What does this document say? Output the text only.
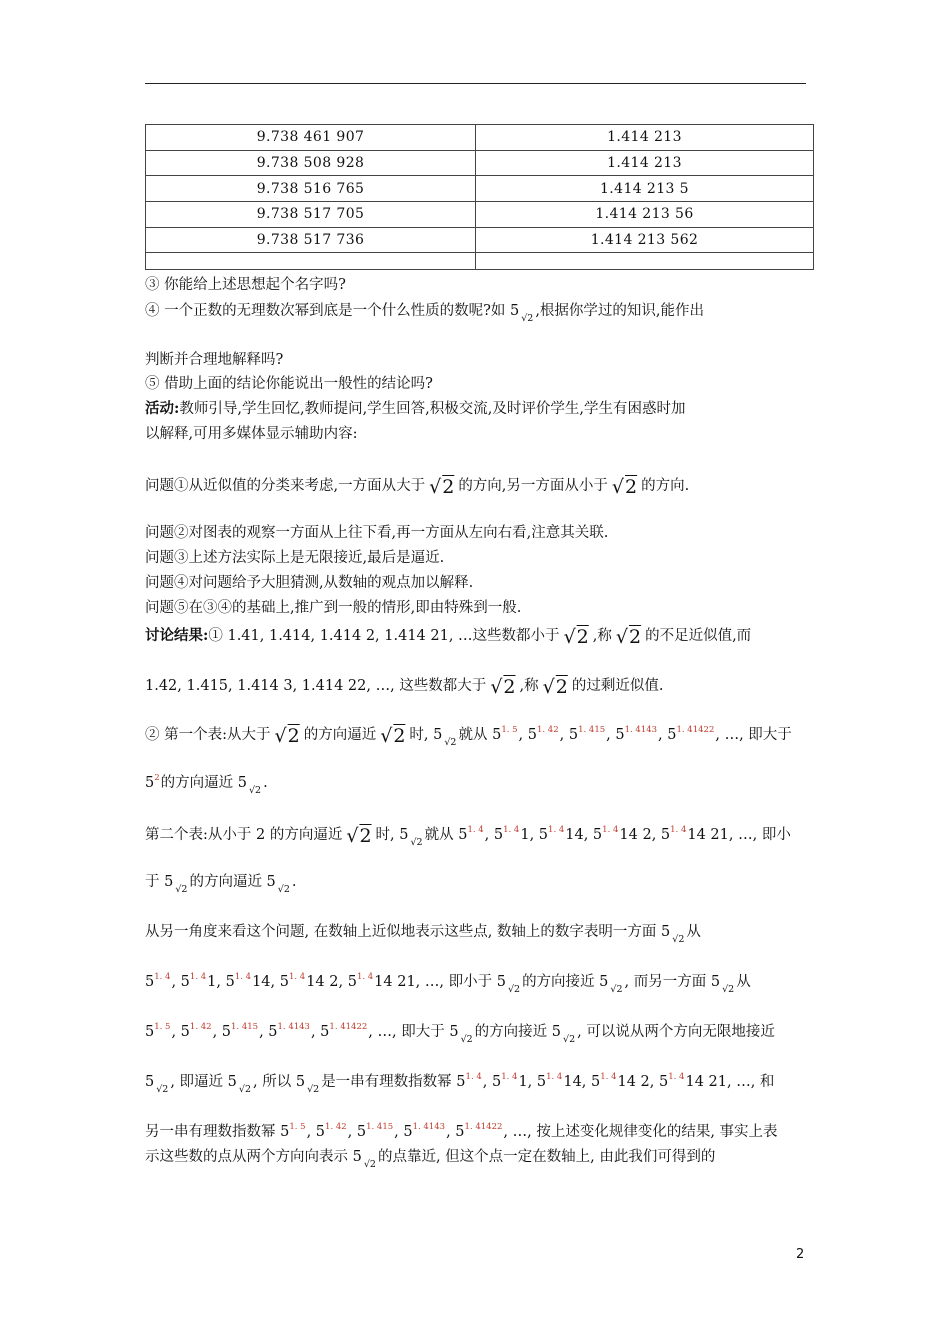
9.738 461 907	1.414 213
9.738 508 928	1.414 213
9.738 516 765	1.414 213 5
9.738 517 705	1.414 213 56
9.738 517 736	1.414 213 562

③ 你能给上述思想起个名字吗?
④ 一个正数的无理数次幂到底是一个什么性质的数呢?如 5 $_{√2}$ ,根据你学过的知识,能作出
判断并合理地解释吗?
⑤ 借助上面的结论你能说出一般性的结论吗?
活动:教师引导,学生回忆,教师提问,学生回答,积极交流,及时评价学生,学生有困惑时加
以解释,可用多媒体显示辅助内容:
问题①从近似值的分类来考虑,一方面从大于 √2 的方向,另一方面从小于 √2 的方向.
问题②对图表的观察一方面从上往下看,再一方面从左向右看,注意其关联.
问题③上述方法实际上是无限接近,最后是逼近.
问题④对问题给予大胆猜测,从数轴的观点加以解释.
问题⑤在③④的基础上,推广到一般的情形,即由特殊到一般.
讨论结果:① 1.41, 1.414, 1.414 2, 1.414 21, …这些数都小于 √2 ,称 √2 的不足近似值,而
1.42, 1.415, 1.414 3, 1.414 22, …, 这些数都大于 √2 ,称 √2 的过剩近似值.
② 第一个表:从大于 √2 的方向逼近 √2 时, 5 $_{√2}$ 就从 $5^{1. 5}$, $5^{1. 42}$, $5^{1. 415}$, $5^{1. 4143}$, $5^{1. 41422}$, …, 即大于
$5^2$的方向逼近 5 $_{√2}$ .
第二个表:从小于 2 的方向逼近 √2 时, 5 $_{√2}$ 就从 $5^{1. 4}$, $5^{1. 4}1$, $5^{1. 4}14$, $5^{1. 4}14$ 2, $5^{1. 4}14$ 21, …, 即小
于 5 $_{√2}$ 的方向逼近 5 $_{√2}$ .
从另一角度来看这个问题, 在数轴上近似地表示这些点, 数轴上的数字表明一方面 5 $_{√2}$ 从
$5^{1. 4}$, $5^{1. 4}1$, $5^{1. 4}14$, $5^{1. 4}14$ 2, $5^{1. 4}14$ 21, …, 即小于 5 $_{√2}$ 的方向接近 5 $_{√2}$ , 而另一方面 5 $_{√2}$ 从
$5^{1. 5}$, $5^{1. 42}$, $5^{1. 415}$, $5^{1. 4143}$, $5^{1. 41422}$, …, 即大于 5 $_{√2}$ 的方向接近 5 $_{√2}$ , 可以说从两个方向无限地接近
5 $_{√2}$ , 即逼近 5 $_{√2}$ , 所以 5 $_{√2}$ 是一串有理数指数幂 $5^{1. 4}$, $5^{1. 4}1$, $5^{1. 4}14$, $5^{1. 4}14$ 2, $5^{1. 4}14$ 21, …, 和
另一串有理数指数幂 $5^{1. 5}$, $5^{1. 42}$, $5^{1. 415}$, $5^{1. 4143}$, $5^{1. 41422}$, …, 按上述变化规律变化的结果, 事实上表
示这些数的点从两个方向向表示 5 $_{√2}$ 的点靠近, 但这个点一定在数轴上, 由此我们可得到的
2
